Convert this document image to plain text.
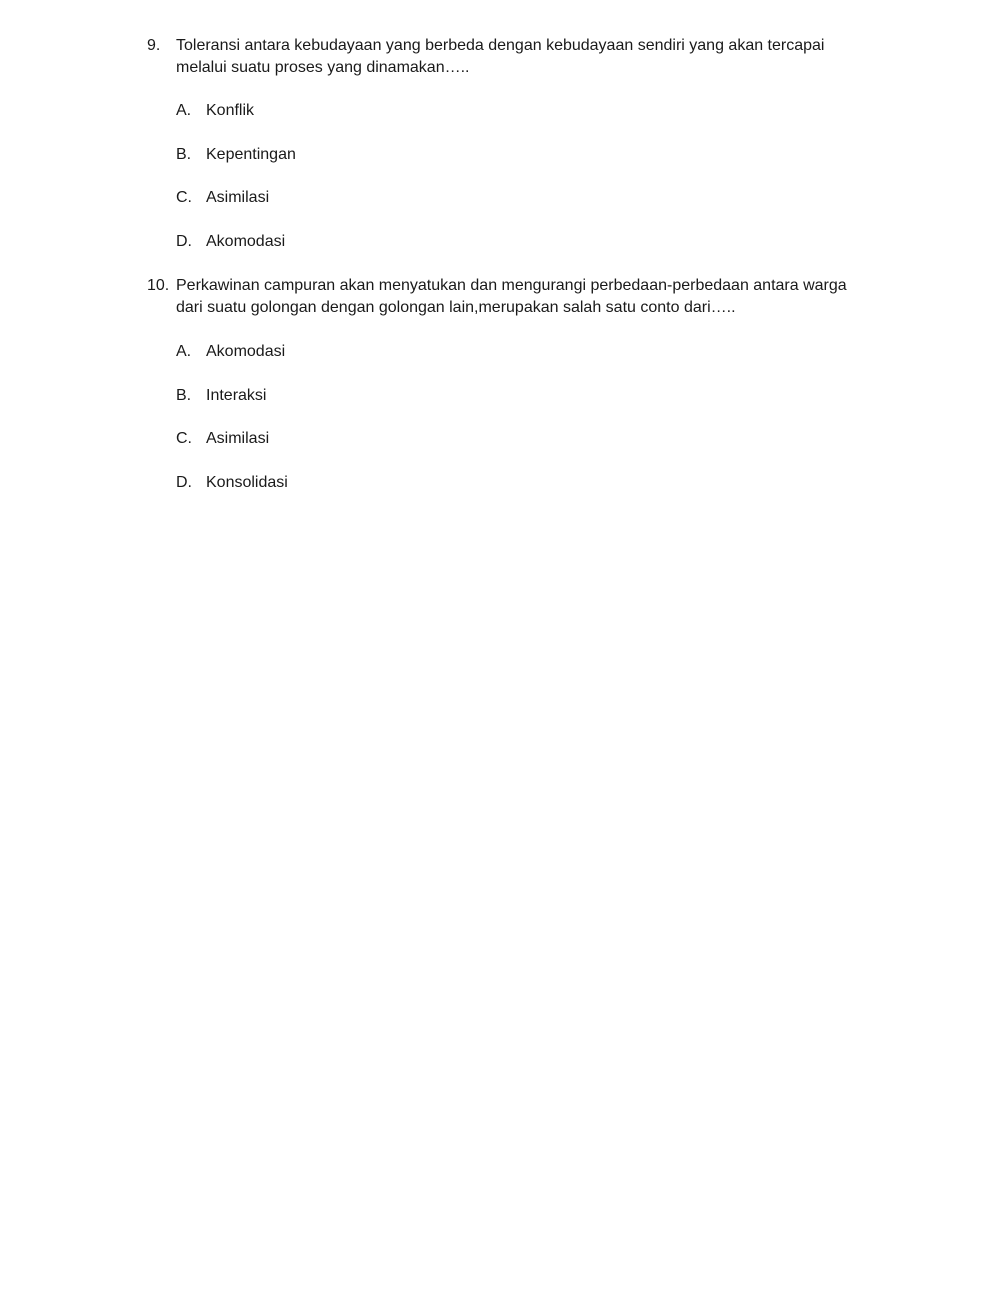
9. Toleransi antara kebudayaan yang berbeda dengan kebudayaan sendiri yang akan tercapai
melalui suatu proses yang dinamakan…..
A. Konflik
B. Kepentingan
C. Asimilasi
D. Akomodasi
10. Perkawinan campuran akan menyatukan dan mengurangi perbedaan-perbedaan antara warga
dari suatu golongan dengan golongan lain,merupakan salah satu conto dari…..
A. Akomodasi
B. Interaksi
C. Asimilasi
D. Konsolidasi
